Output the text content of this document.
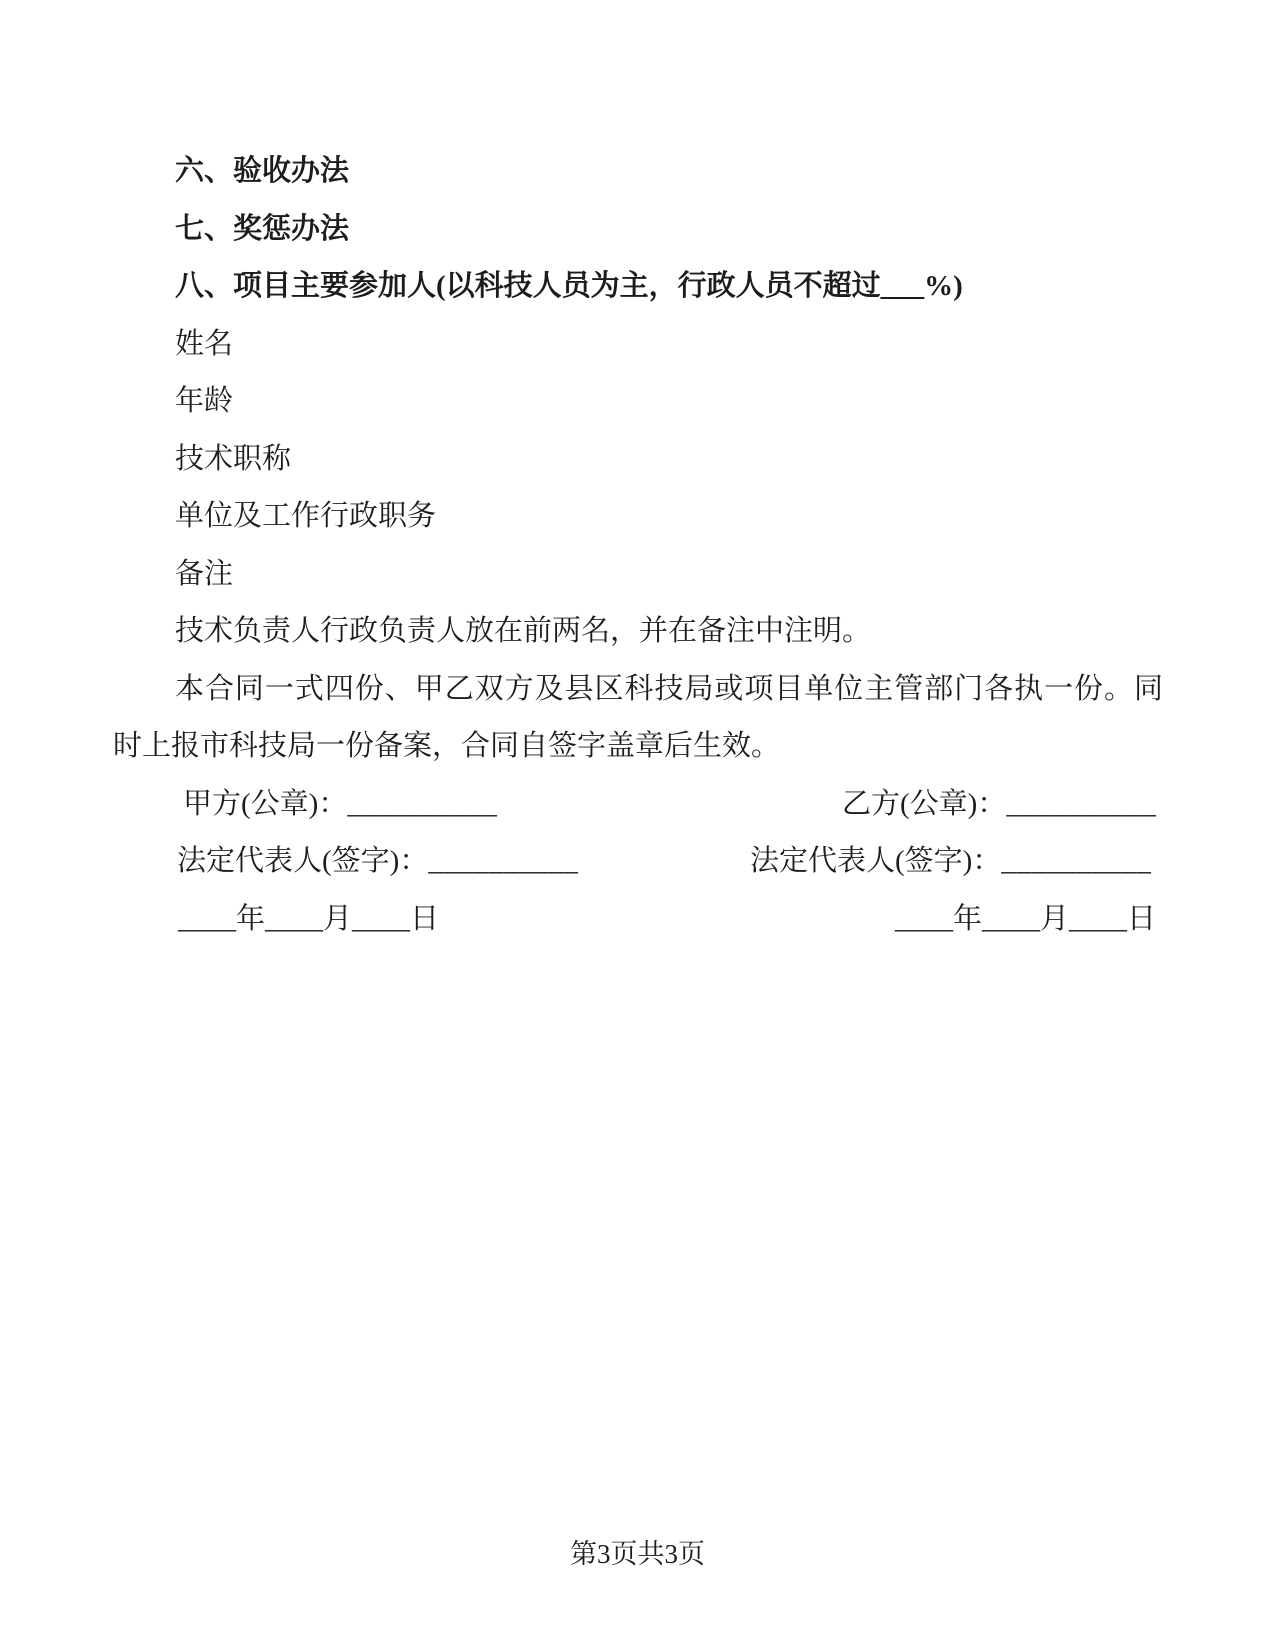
六、验收办法
七、奖惩办法
八、项目主要参加人(以科技人员为主，行政人员不超过___%)
姓名
年龄
技术职称
单位及工作行政职务
备注
技术负责人行政负责人放在前两名，并在备注中注明。
本合同一式四份、甲乙双方及县区科技局或项目单位主管部门各执一份。同
时上报市科技局一份备案，合同自签字盖章后生效。
甲方(公章)：__________	乙方(公章)：__________
法定代表人(签字)：__________	法定代表人(签字)：__________
____年____月____日	____年____月____日
第3页共3页
